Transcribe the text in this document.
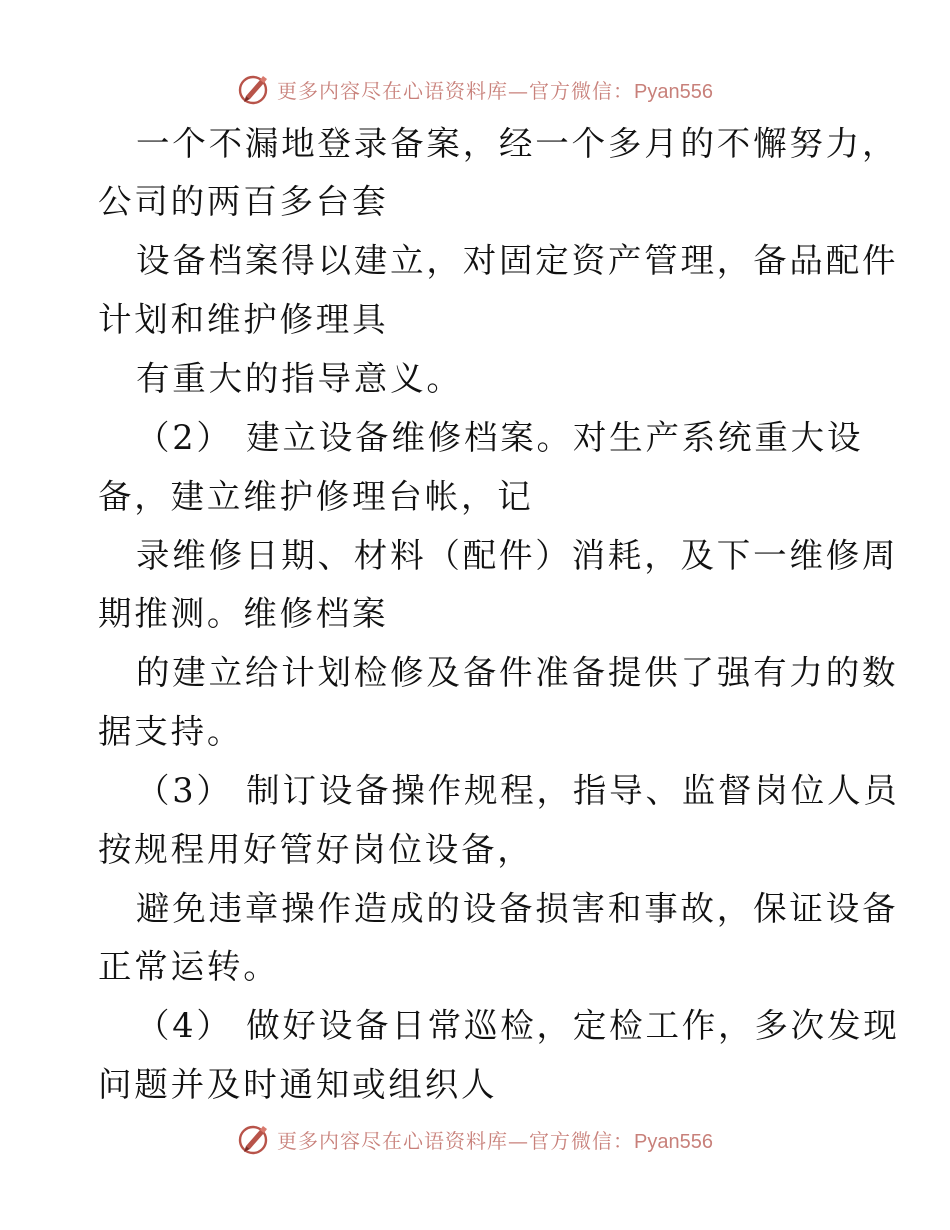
更多内容尽在心语资料库—官方微信：Pyan556
一个不漏地登录备案，经一个多月的不懈努力，
公司的两百多台套
设备档案得以建立，对固定资产管理，备品配件
计划和维护修理具
有重大的指导意义。
（2） 建立设备维修档案。对生产系统重大设
备，建立维护修理台帐，记
录维修日期、材料（配件）消耗，及下一维修周
期推测。维修档案
的建立给计划检修及备件准备提供了强有力的数
据支持。
（3） 制订设备操作规程，指导、监督岗位人员
按规程用好管好岗位设备，
避免违章操作造成的设备损害和事故，保证设备
正常运转。
（4） 做好设备日常巡检，定检工作，多次发现
问题并及时通知或组织人
更多内容尽在心语资料库—官方微信：Pyan556
